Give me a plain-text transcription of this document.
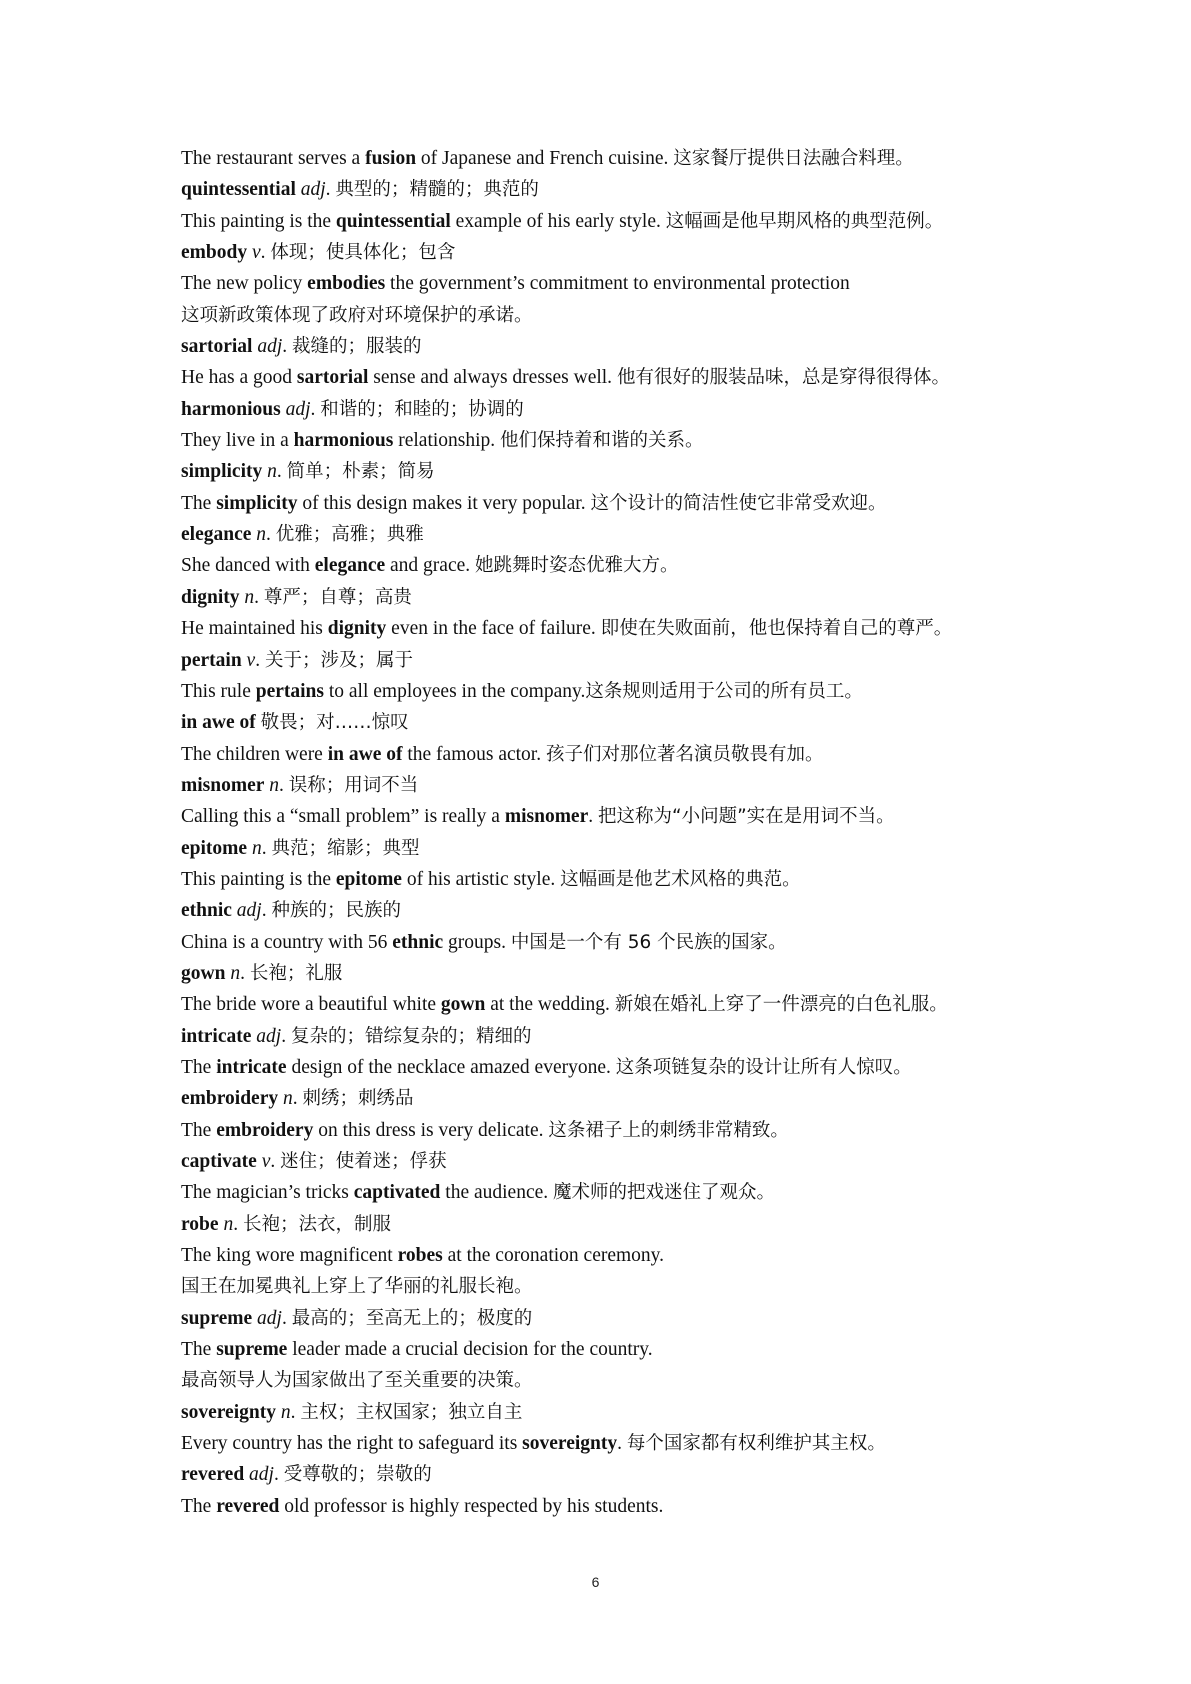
The restaurant serves a fusion of Japanese and French cuisine. 这家餐厅提供日法融合料理。
quintessential adj. 典型的；精髓的；典范的
This painting is the quintessential example of his early style. 这幅画是他早期风格的典型范例。
embody v. 体现；使具体化；包含
The new policy embodies the government’s commitment to environmental protection
这项新政策体现了政府对环境保护的承诺。
sartorial adj. 裁缝的；服装的
He has a good sartorial sense and always dresses well. 他有很好的服装品味，总是穿得很得体。
harmonious adj. 和谐的；和睦的；协调的
They live in a harmonious relationship. 他们保持着和谐的关系。
simplicity n. 简单；朴素；简易
The simplicity of this design makes it very popular. 这个设计的简洁性使它非常受欢迎。
elegance n. 优雅；高雅；典雅
She danced with elegance and grace. 她跳舞时姿态优雅大方。
dignity n. 尊严；自尊；高贵
He maintained his dignity even in the face of failure. 即使在失败面前，他也保持着自己的尊严。
pertain v. 关于；涉及；属于
This rule pertains to all employees in the company.这条规则适用于公司的所有员工。
in awe of 敬畏；对……惊叹
The children were in awe of the famous actor. 孩子们对那位著名演员敬畏有加。
misnomer n. 误称；用词不当
Calling this a “small problem” is really a misnomer. 把这称为“小问题”实在是用词不当。
epitome n. 典范；缩影；典型
This painting is the epitome of his artistic style. 这幅画是他艺术风格的典范。
ethnic adj. 种族的；民族的
China is a country with 56 ethnic groups. 中国是一个有 56 个民族的国家。
gown n. 长袍；礼服
The bride wore a beautiful white gown at the wedding. 新娘在婚礼上穿了一件漂亮的白色礼服。
intricate adj. 复杂的；错综复杂的；精细的
The intricate design of the necklace amazed everyone. 这条项链复杂的设计让所有人惊叹。
embroidery n. 刺绣；刺绣品
The embroidery on this dress is very delicate. 这条裙子上的刺绣非常精致。
captivate v. 迷住；使着迷；俘获
The magician’s tricks captivated the audience. 魔术师的把戏迷住了观众。
robe n. 长袍；法衣，制服
The king wore magnificent robes at the coronation ceremony.
国王在加冕典礼上穿上了华丽的礼服长袍。
supreme adj. 最高的；至高无上的；极度的
The supreme leader made a crucial decision for the country.
最高领导人为国家做出了至关重要的决策。
sovereignty n. 主权；主权国家；独立自主
Every country has the right to safeguard its sovereignty. 每个国家都有权利维护其主权。
revered adj. 受尊敬的；崇敬的
The revered old professor is highly respected by his students.
6
